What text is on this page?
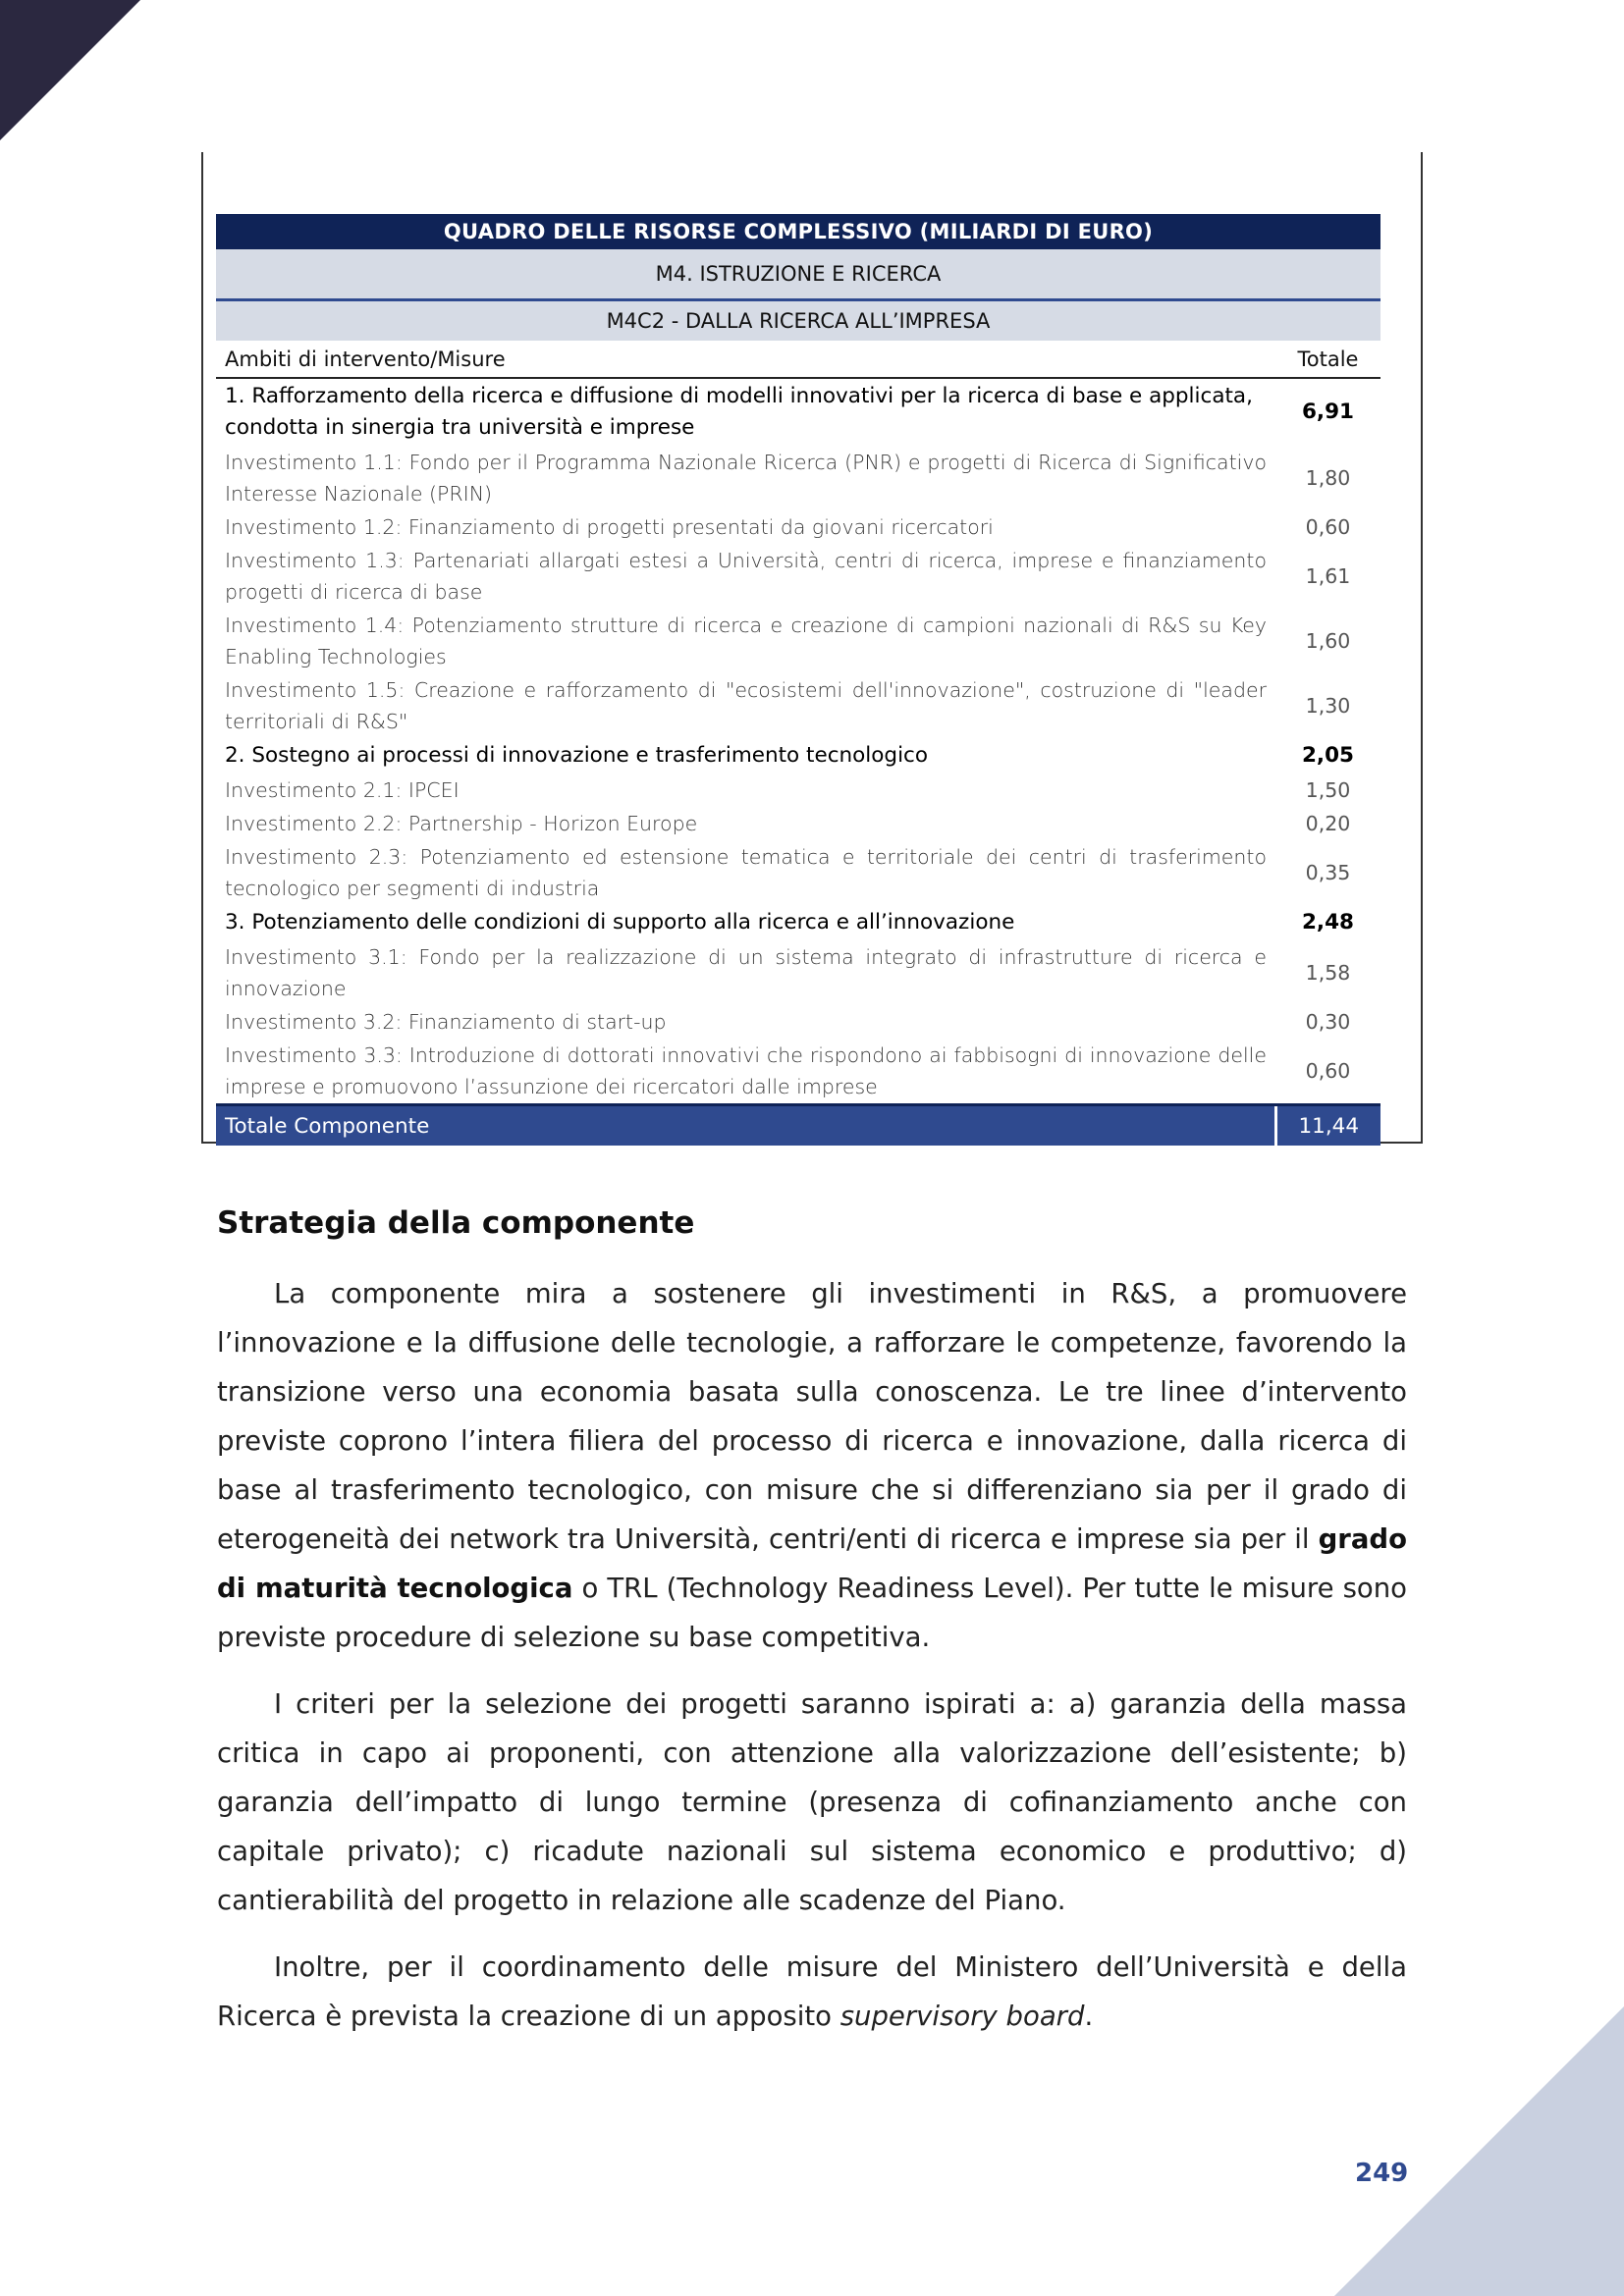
QUADRO DELLE RISORSE COMPLESSIVO (MILIARDI DI EURO)	
M4. ISTRUZIONE E RICERCA	
M4C2 - DALLA RICERCA ALL’IMPRESA	
Ambiti di intervento/Misure	Totale
1. Rafforzamento della ricerca e diffusione di modelli innovativi per la ricerca di base e applicata, condotta in sinergia tra università e imprese	6,91
Investimento 1.1: Fondo per il Programma Nazionale Ricerca (PNR) e progetti di Ricerca di Significativo Interesse Nazionale (PRIN)	1,80
Investimento 1.2: Finanziamento di progetti presentati da giovani ricercatori	0,60
Investimento 1.3: Partenariati allargati estesi a Università, centri di ricerca, imprese e finanziamento progetti di ricerca di base	1,61
Investimento 1.4: Potenziamento strutture di ricerca e creazione di campioni nazionali di R&S su Key Enabling Technologies	1,60
Investimento 1.5: Creazione e rafforzamento di "ecosistemi dell'innovazione", costruzione di "leader territoriali di R&S"	1,30
2. Sostegno ai processi di innovazione e trasferimento tecnologico	2,05
Investimento 2.1: IPCEI	1,50
Investimento 2.2: Partnership - Horizon Europe	0,20
Investimento 2.3: Potenziamento ed estensione tematica e territoriale dei centri di trasferimento tecnologico per segmenti di industria	0,35
3. Potenziamento delle condizioni di supporto alla ricerca e all’innovazione	2,48
Investimento 3.1: Fondo per la realizzazione di un sistema integrato di infrastrutture di ricerca e innovazione	1,58
Investimento 3.2: Finanziamento di start-up	0,30
Investimento 3.3: Introduzione di dottorati innovativi che rispondono ai fabbisogni di innovazione delle imprese e promuovono l’assunzione dei ricercatori dalle imprese	0,60
Totale Componente	11,44
Strategia della componente

La componente mira a sostenere gli investimenti in R&S, a promuovere l’innovazione e la diffusione delle tecnologie, a rafforzare le competenze, favorendo la transizione verso una economia basata sulla conoscenza. Le tre linee d’intervento previste coprono l’intera filiera del processo di ricerca e innovazione, dalla ricerca di base al trasferimento tecnologico, con misure che si differenziano sia per il grado di eterogeneità dei network tra Università, centri/enti di ricerca e imprese sia per il grado di maturità tecnologica o TRL (Technology Readiness Level). Per tutte le misure sono previste procedure di selezione su base competitiva.

I criteri per la selezione dei progetti saranno ispirati a: a) garanzia della massa critica in capo ai proponenti, con attenzione alla valorizzazione dell’esistente; b) garanzia dell’impatto di lungo termine (presenza di cofinanziamento anche con capitale privato); c) ricadute nazionali sul sistema economico e produttivo; d) cantierabilità del progetto in relazione alle scadenze del Piano.

Inoltre, per il coordinamento delle misure del Ministero dell’Università e della Ricerca è prevista la creazione di un apposito supervisory board.

249
